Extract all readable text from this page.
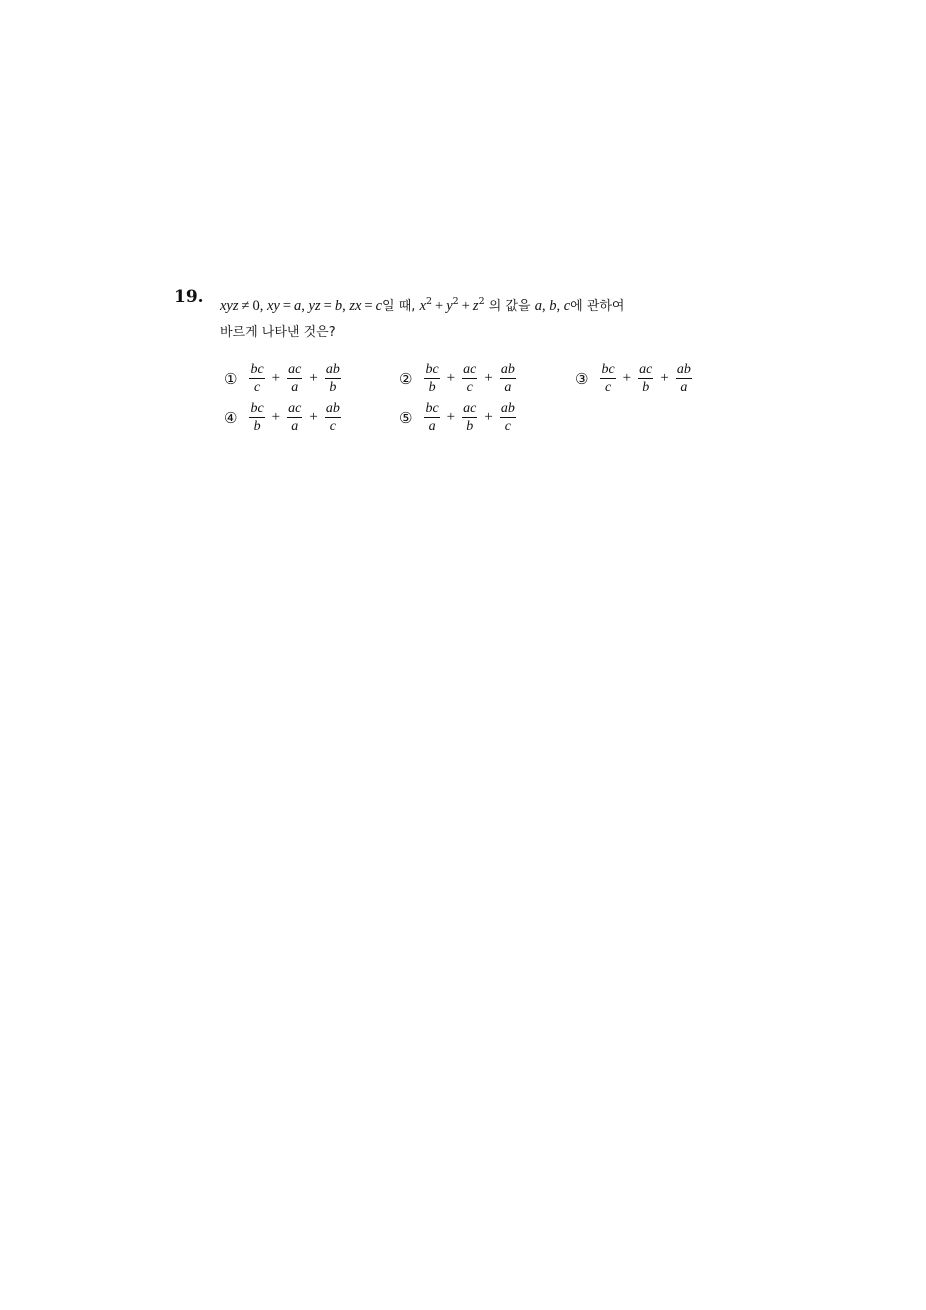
19. xyz ≠ 0, xy = a, yz = b, zx = c일 때, $x^2 + y^2 + z^2$ 의 값을 a, b, c에 관하여
바르게 나타낸 것은?
① $\frac{bc}{c} + \frac{ac}{a} + \frac{ab}{b}$	② $\frac{bc}{b} + \frac{ac}{c} + \frac{ab}{a}$	③ $\frac{bc}{c} + \frac{ac}{b} + \frac{ab}{a}$
④ $\frac{bc}{b} + \frac{ac}{a} + \frac{ab}{c}$	⑤ $\frac{bc}{a} + \frac{ac}{b} + \frac{ab}{c}$
